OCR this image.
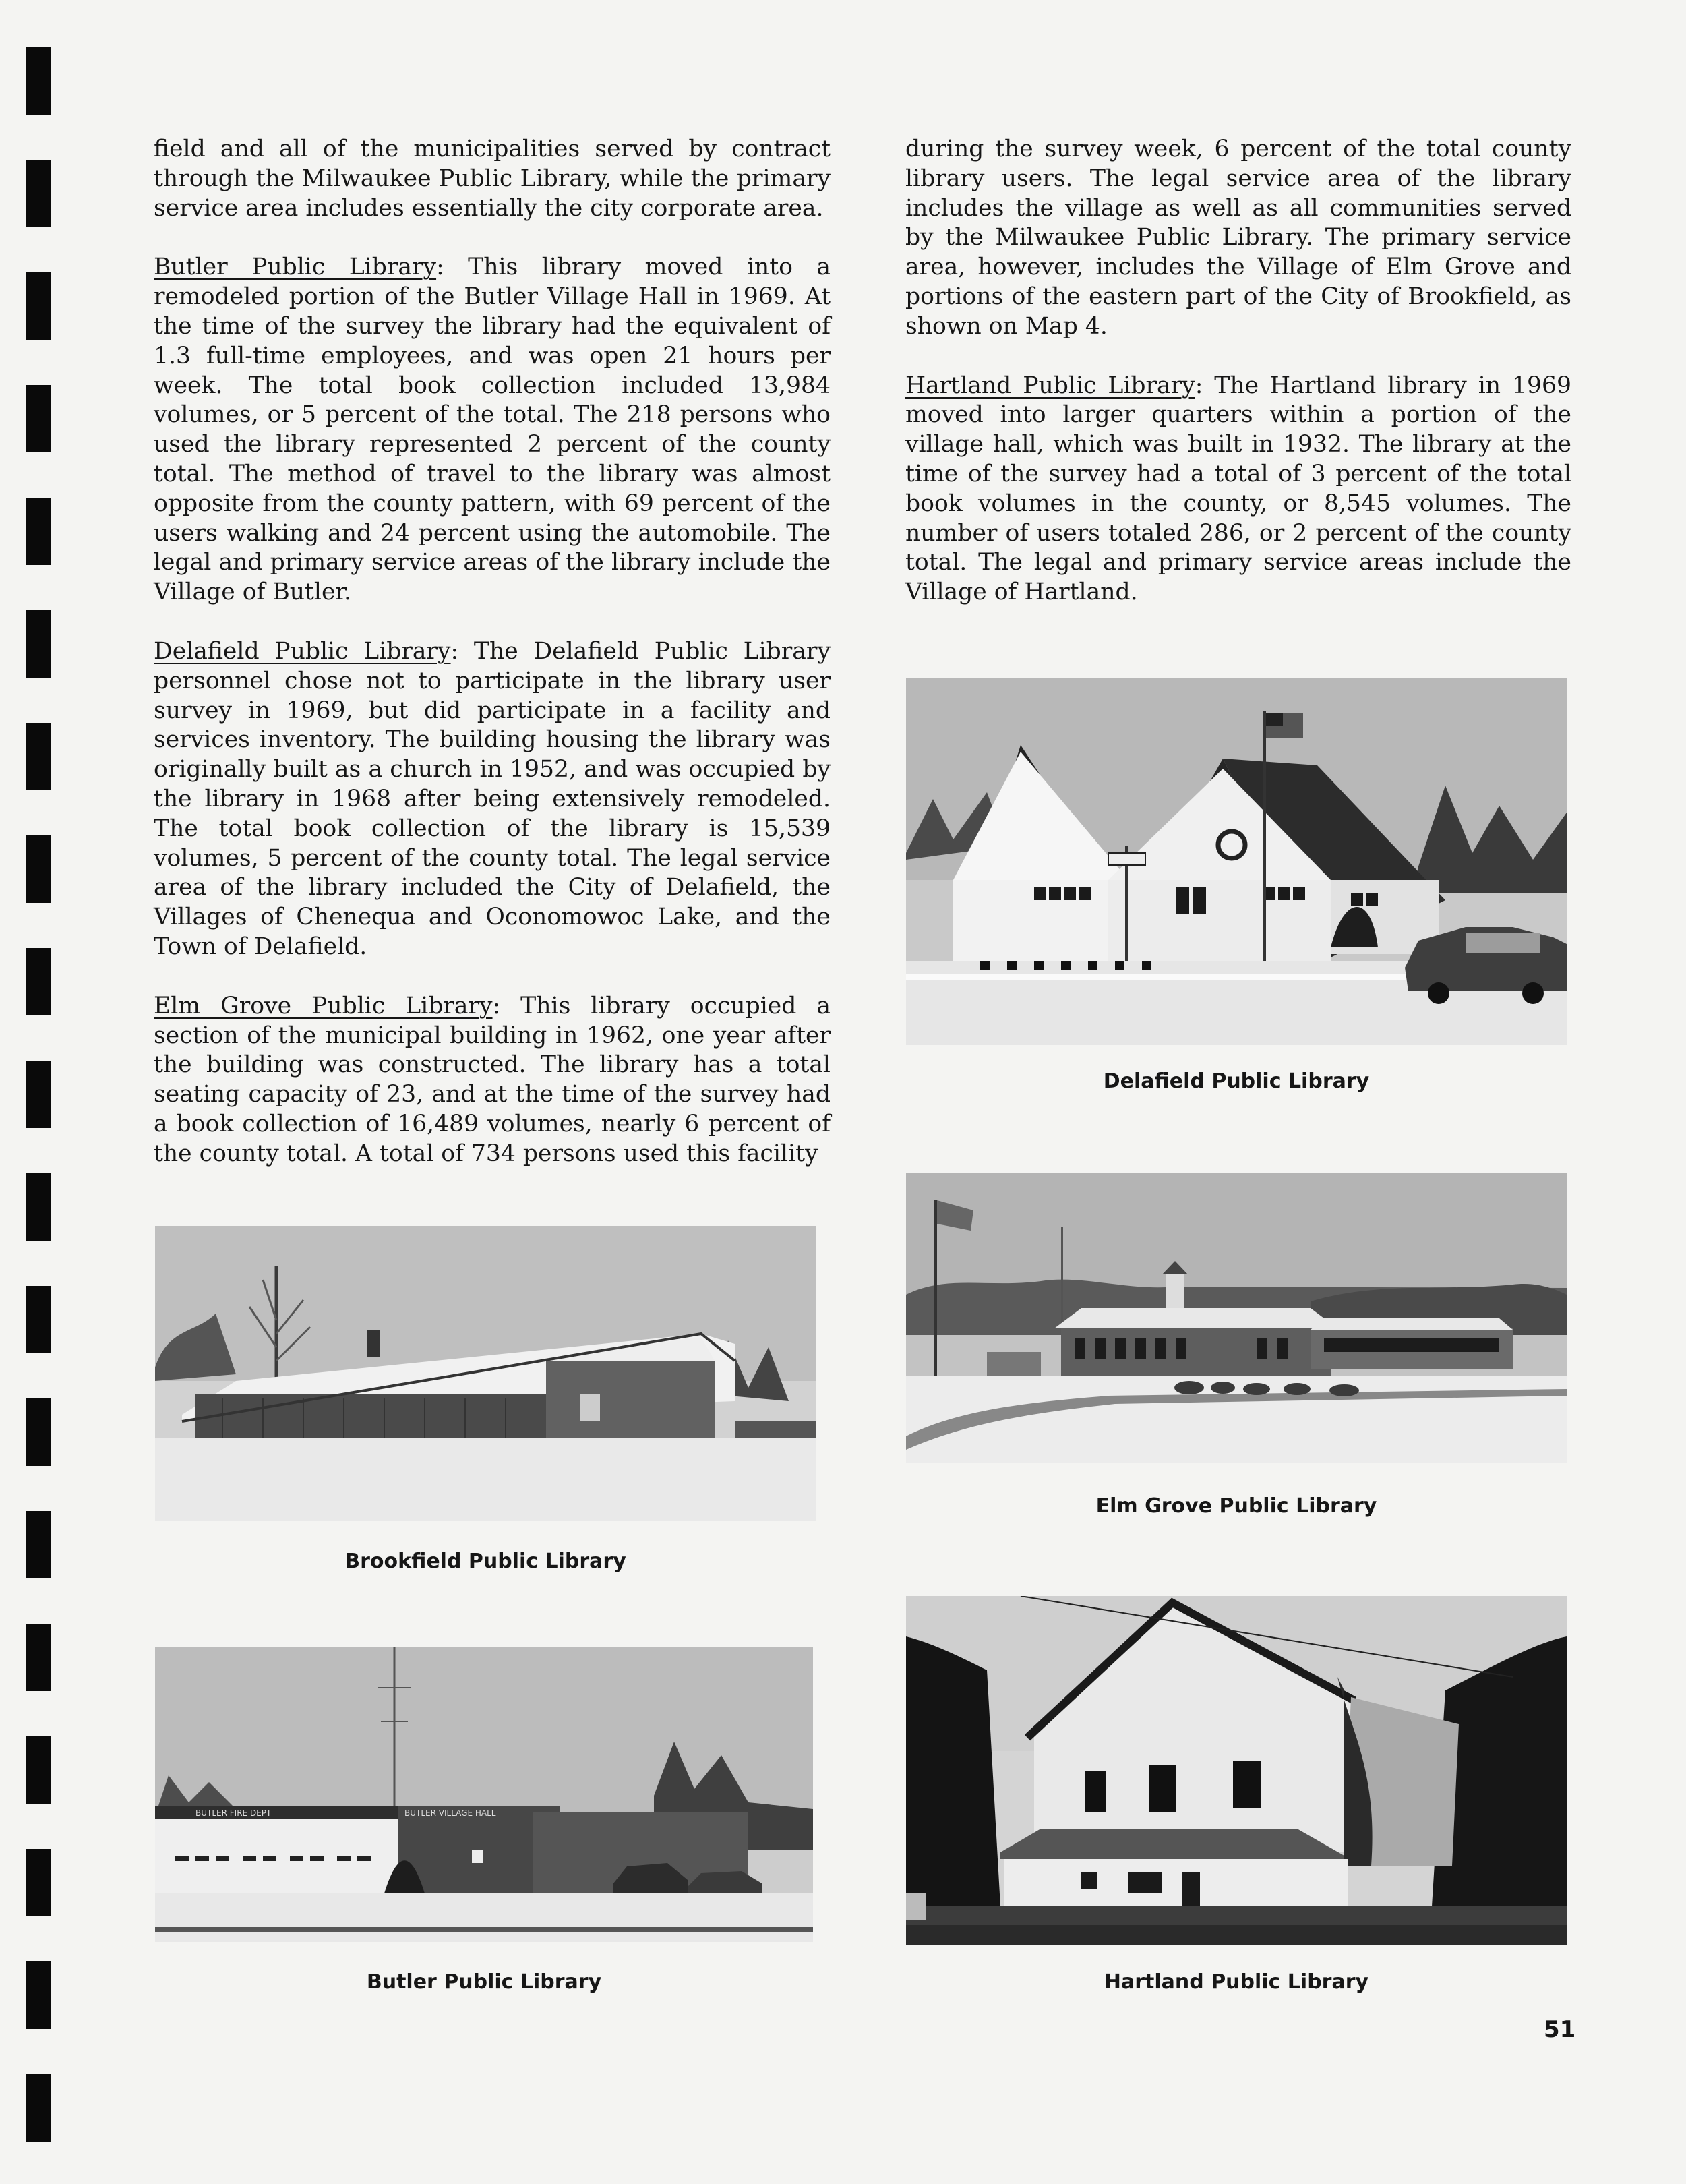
field and all of the municipalities served by contract through the Milwaukee Public Library, while the primary service area includes essentially the city corporate area.

Butler Public Library: This library moved into a remodeled portion of the Butler Village Hall in 1969. At the time of the survey the library had the equivalent of 1.3 full-time employees, and was open 21 hours per week. The total book collection included 13,984 volumes, or 5 percent of the total. The 218 persons who used the library represented 2 percent of the county total. The method of travel to the library was almost opposite from the county pattern, with 69 percent of the users walking and 24 percent using the automobile. The legal and primary service areas of the library include the Village of Butler.

Delafield Public Library: The Delafield Public Library personnel chose not to participate in the library user survey in 1969, but did participate in a facility and services inventory. The building housing the library was originally built as a church in 1952, and was occupied by the library in 1968 after being extensively remodeled. The total book collection of the library is 15,539 volumes, 5 percent of the county total. The legal service area of the library included the City of Delafield, the Villages of Chenequa and Oconomowoc Lake, and the Town of Delafield.

Elm Grove Public Library: This library occupied a section of the municipal building in 1962, one year after the building was constructed. The library has a total seating capacity of 23, and at the time of the survey had a book collection of 16,489 volumes, nearly 6 percent of the county total. A total of 734 persons used this facility

during the survey week, 6 percent of the total county library users. The legal service area of the library includes the village as well as all communities served by the Milwaukee Public Library. The primary service area, however, includes the Village of Elm Grove and portions of the eastern part of the City of Brookfield, as shown on Map 4.

Hartland Public Library: The Hartland library in 1969 moved into larger quarters within a portion of the village hall, which was built in 1932. The library at the time of the survey had a total of 3 percent of the total book volumes in the county, or 8,545 volumes. The number of users totaled 286, or 2 percent of the county total. The legal and primary service areas include the Village of Hartland.

Delafield Public Library
Elm Grove Public Library
Hartland Public Library
Brookfield Public Library
BUTLER FIRE DEPT	BUTLER VILLAGE HALL
Butler Public Library
51
